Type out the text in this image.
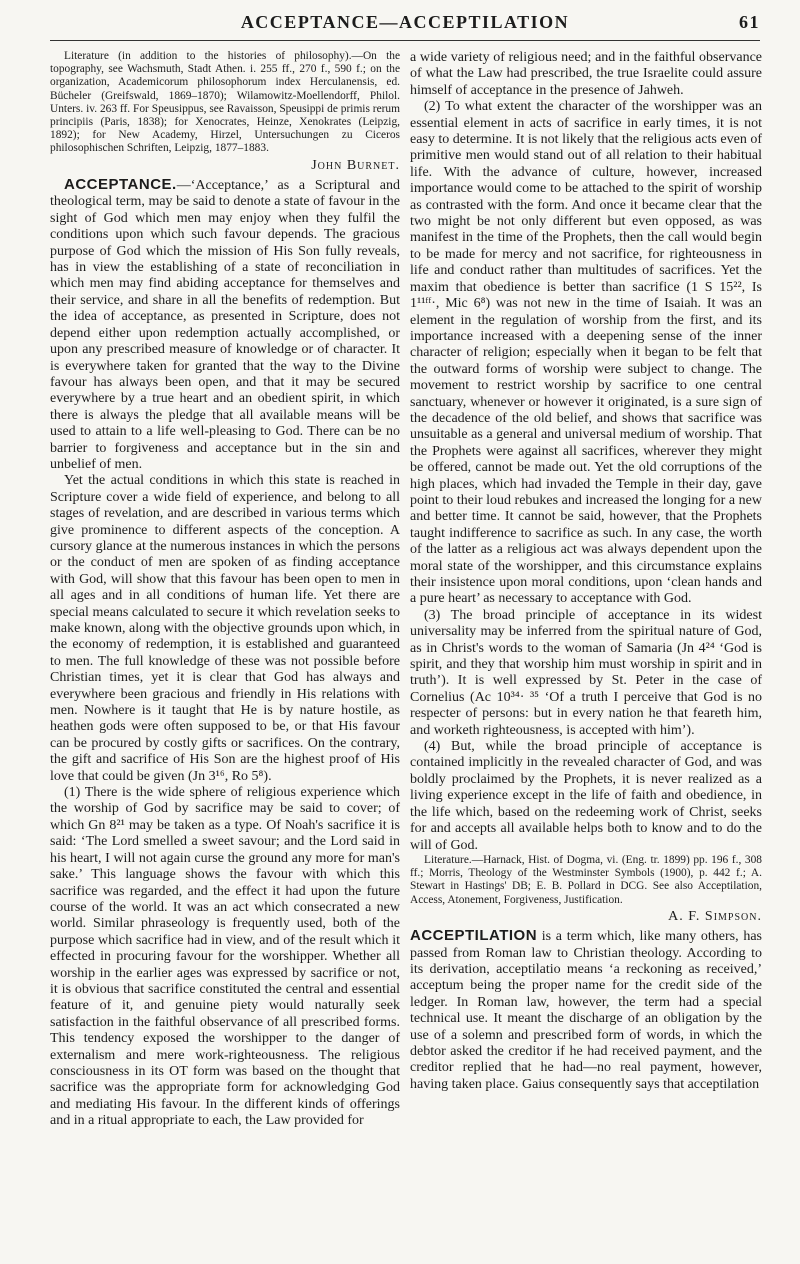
ACCEPTANCE—ACCEPTILATION	61

Literature (in addition to the histories of philosophy).—On the topography, see Wachsmuth, Stadt Athen. i. 255 ff., 270 f., 590 f.; on the organization, Academicorum philosophorum index Herculanensis, ed. Bücheler (Greifswald, 1869–1870); Wilamowitz-Moellendorff, Philol. Unters. iv. 263 ff. For Speusippus, see Ravaisson, Speusippi de primis rerum principiis (Paris, 1838); for Xenocrates, Heinze, Xenokrates (Leipzig, 1892); for New Academy, Hirzel, Untersuchungen zu Ciceros philosophischen Schriften, Leipzig, 1877–1883.

John Burnet.

ACCEPTANCE.—‘Acceptance,’ as a Scriptural and theological term, may be said to denote a state of favour in the sight of God which men may enjoy when they fulfil the conditions upon which such favour depends. The gracious purpose of God which the mission of His Son fully reveals, has in view the establishing of a state of reconciliation in which men may find abiding acceptance for themselves and their service, and share in all the benefits of redemption. But the idea of acceptance, as presented in Scripture, does not depend either upon redemption actually accomplished, or upon any prescribed measure of knowledge or of character. It is everywhere taken for granted that the way to the Divine favour has always been open, and that it may be secured everywhere by a true heart and an obedient spirit, in which there is always the pledge that all available means will be used to attain to a life well-pleasing to God. There can be no barrier to forgiveness and acceptance but in the sin and unbelief of men.

Yet the actual conditions in which this state is reached in Scripture cover a wide field of experience, and belong to all stages of revelation, and are described in various terms which give prominence to different aspects of the conception. A cursory glance at the numerous instances in which the persons or the conduct of men are spoken of as finding acceptance with God, will show that this favour has been open to men in all ages and in all conditions of human life. Yet there are special means calculated to secure it which revelation seeks to make known, along with the objective grounds upon which, in the economy of redemption, it is established and guaranteed to men. The full knowledge of these was not possible before Christian times, yet it is clear that God has always and everywhere been gracious and friendly in His relations with men. Nowhere is it taught that He is by nature hostile, as heathen gods were often supposed to be, or that His favour can be procured by costly gifts or sacrifices. On the contrary, the gift and sacrifice of His Son are the highest proof of His love that could be given (Jn 3¹⁶, Ro 5⁸).

(1) There is the wide sphere of religious experience which the worship of God by sacrifice may be said to cover; of which Gn 8²¹ may be taken as a type. Of Noah's sacrifice it is said: ‘The Lord smelled a sweet savour; and the Lord said in his heart, I will not again curse the ground any more for man's sake.’ This language shows the favour with which this sacrifice was regarded, and the effect it had upon the future course of the world. It was an act which consecrated a new world. Similar phraseology is frequently used, both of the purpose which sacrifice had in view, and of the result which it effected in procuring favour for the worshipper. Whether all worship in the earlier ages was expressed by sacrifice or not, it is obvious that sacrifice constituted the central and essential feature of it, and genuine piety would naturally seek satisfaction in the faithful observance of all prescribed forms. This tendency exposed the worshipper to the danger of externalism and mere work-righteousness. The religious consciousness in its OT form was based on the thought that sacrifice was the appropriate form for acknowledging God and mediating His favour. In the different kinds of offerings and in a ritual appropriate to each, the Law provided for

a wide variety of religious need; and in the faithful observance of what the Law had prescribed, the true Israelite could assure himself of acceptance in the presence of Jahweh.

(2) To what extent the character of the worshipper was an essential element in acts of sacrifice in early times, it is not easy to determine. It is not likely that the religious acts even of primitive men would stand out of all relation to their habitual life. With the advance of culture, however, increased importance would come to be attached to the spirit of worship as contrasted with the form. And once it became clear that the two might be not only different but even opposed, as was manifest in the time of the Prophets, then the call would begin to be made for mercy and not sacrifice, for righteousness in life and conduct rather than multitudes of sacrifices. Yet the maxim that obedience is better than sacrifice (1 S 15²², Is 1¹¹ᶠᶠ·, Mic 6⁸) was not new in the time of Isaiah. It was an element in the regulation of worship from the first, and its importance increased with a deepening sense of the inner character of religion; especially when it began to be felt that the outward forms of worship were subject to change. The movement to restrict worship by sacrifice to one central sanctuary, whenever or however it originated, is a sure sign of the decadence of the old belief, and shows that sacrifice was unsuitable as a general and universal medium of worship. That the Prophets were against all sacrifices, wherever they might be offered, cannot be made out. Yet the old corruptions of the high places, which had invaded the Temple in their day, gave point to their loud rebukes and increased the longing for a new and better time. It cannot be said, however, that the Prophets taught indifference to sacrifice as such. In any case, the worth of the latter as a religious act was always dependent upon the moral state of the worshipper, and this circumstance explains their insistence upon moral conditions, upon ‘clean hands and a pure heart’ as necessary to acceptance with God.

(3) The broad principle of acceptance in its widest universality may be inferred from the spiritual nature of God, as in Christ's words to the woman of Samaria (Jn 4²⁴ ‘God is spirit, and they that worship him must worship in spirit and in truth’). It is well expressed by St. Peter in the case of Cornelius (Ac 10³⁴· ³⁵ ‘Of a truth I perceive that God is no respecter of persons: but in every nation he that feareth him, and worketh righteousness, is accepted with him’).

(4) But, while the broad principle of acceptance is contained implicitly in the revealed character of God, and was boldly proclaimed by the Prophets, it is never realized as a living experience except in the life of faith and obedience, in the life which, based on the redeeming work of Christ, seeks for and accepts all available helps both to know and to do the will of God.

Literature.—Harnack, Hist. of Dogma, vi. (Eng. tr. 1899) pp. 196 f., 308 ff.; Morris, Theology of the Westminster Symbols (1900), p. 442 f.; A. Stewart in Hastings' DB; E. B. Pollard in DCG. See also Acceptilation, Access, Atonement, Forgiveness, Justification.

A. F. Simpson.

ACCEPTILATION is a term which, like many others, has passed from Roman law to Christian theology. According to its derivation, acceptilatio means ‘a reckoning as received,’ acceptum being the proper name for the credit side of the ledger. In Roman law, however, the term had a special technical use. It meant the discharge of an obligation by the use of a solemn and prescribed form of words, in which the debtor asked the creditor if he had received payment, and the creditor replied that he had—no real payment, however, having taken place. Gaius consequently says that acceptilation
